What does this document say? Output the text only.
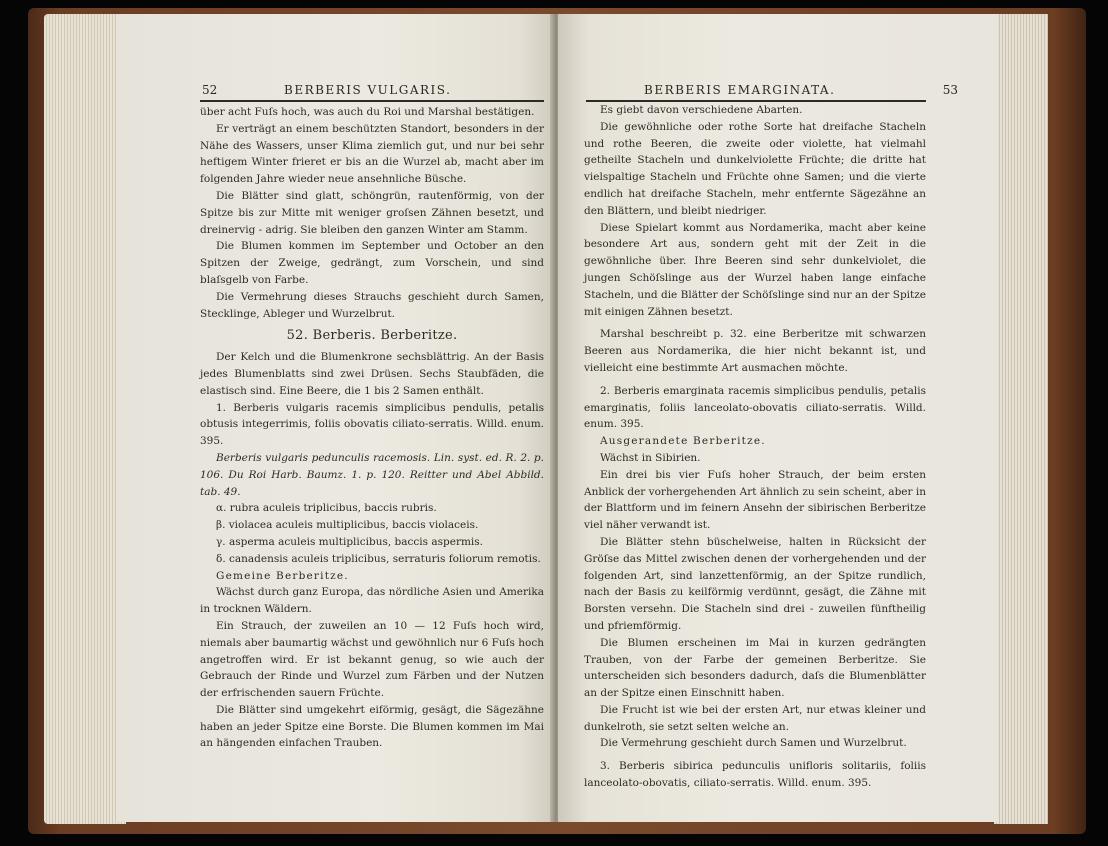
52	BERBERIS VULGARIS.

über acht Fuſs hoch, was auch du Roi und Marshal bestätigen.

Er verträgt an einem beschützten Standort, besonders in der Nähe des Wassers, unser Klima ziemlich gut, und nur bei sehr heftigem Winter frieret er bis an die Wurzel ab, macht aber im folgenden Jahre wieder neue ansehnliche Büsche.

Die Blätter sind glatt, schöngrün, rautenförmig, von der Spitze bis zur Mitte mit weniger groſsen Zähnen besetzt, und dreinervig - adrig. Sie bleiben den ganzen Winter am Stamm.

Die Blumen kommen im September und October an den Spitzen der Zweige, gedrängt, zum Vorschein, und sind blaſsgelb von Farbe.

Die Vermehrung dieses Strauchs geschieht durch Samen, Stecklinge, Ableger und Wurzelbrut.

52. Berberis. Berberitze.

Der Kelch und die Blumenkrone sechsblättrig. An der Basis jedes Blumenblatts sind zwei Drüsen. Sechs Staubfäden, die elastisch sind. Eine Beere, die 1 bis 2 Samen enthält.

1. Berberis vulgaris racemis simplicibus pendulis, petalis obtusis integerrimis, foliis obovatis ciliato-serratis. Willd. enum. 395.

Berberis vulgaris pedunculis racemosis. Lin. syst. ed. R. 2. p. 106. Du Roi Harb. Baumz. 1. p. 120. Reitter und Abel Abbild. tab. 49.

α. rubra aculeis triplicibus, baccis rubris.

β. violacea aculeis multiplicibus, baccis violaceis.

γ. asperma aculeis multiplicibus, baccis aspermis.

δ. canadensis aculeis triplicibus, serraturis foliorum remotis.

Gemeine Berberitze.

Wächst durch ganz Europa, das nördliche Asien und Amerika in trocknen Wäldern.

Ein Strauch, der zuweilen an 10 — 12 Fuſs hoch wird, niemals aber baumartig wächst und gewöhnlich nur 6 Fuſs hoch angetroffen wird. Er ist bekannt genug, so wie auch der Gebrauch der Rinde und Wurzel zum Färben und der Nutzen der erfrischenden sauern Früchte.

Die Blätter sind umgekehrt eiförmig, gesägt, die Sägezähne haben an jeder Spitze eine Borste. Die Blumen kommen im Mai an hängenden einfachen Trauben.

BERBERIS EMARGINATA.	53

Es giebt davon verschiedene Abarten.

Die gewöhnliche oder rothe Sorte hat dreifache Stacheln und rothe Beeren, die zweite oder violette, hat vielmahl getheilte Stacheln und dunkelviolette Früchte; die dritte hat vielspaltige Stacheln und Früchte ohne Samen; und die vierte endlich hat dreifache Stacheln, mehr entfernte Sägezähne an den Blättern, und bleibt niedriger.

Diese Spielart kommt aus Nordamerika, macht aber keine besondere Art aus, sondern geht mit der Zeit in die gewöhnliche über. Ihre Beeren sind sehr dunkelviolet, die jungen Schöſslinge aus der Wurzel haben lange einfache Stacheln, und die Blätter der Schöſslinge sind nur an der Spitze mit einigen Zähnen besetzt.

Marshal beschreibt p. 32. eine Berberitze mit schwarzen Beeren aus Nordamerika, die hier nicht bekannt ist, und vielleicht eine bestimmte Art ausmachen möchte.

2. Berberis emarginata racemis simplicibus pendulis, petalis emarginatis, foliis lanceolato-obovatis ciliato-serratis. Willd. enum. 395.

Ausgerandete Berberitze.

Wächst in Sibirien.

Ein drei bis vier Fuſs hoher Strauch, der beim ersten Anblick der vorhergehenden Art ähnlich zu sein scheint, aber in der Blattform und im feinern Ansehn der sibirischen Berberitze viel näher verwandt ist.

Die Blätter stehn büschelweise, halten in Rücksicht der Gröſse das Mittel zwischen denen der vorhergehenden und der folgenden Art, sind lanzettenförmig, an der Spitze rundlich, nach der Basis zu keilförmig verdünnt, gesägt, die Zähne mit Borsten versehn. Die Stacheln sind drei - zuweilen fünftheilig und pfriemförmig.

Die Blumen erscheinen im Mai in kurzen gedrängten Trauben, von der Farbe der gemeinen Berberitze. Sie unterscheiden sich besonders dadurch, daſs die Blumenblätter an der Spitze einen Einschnitt haben.

Die Frucht ist wie bei der ersten Art, nur etwas kleiner und dunkelroth, sie setzt selten welche an.

Die Vermehrung geschieht durch Samen und Wurzelbrut.

3. Berberis sibirica pedunculis unifloris solitariis, foliis lanceolato-obovatis, ciliato-serratis. Willd. enum. 395.
